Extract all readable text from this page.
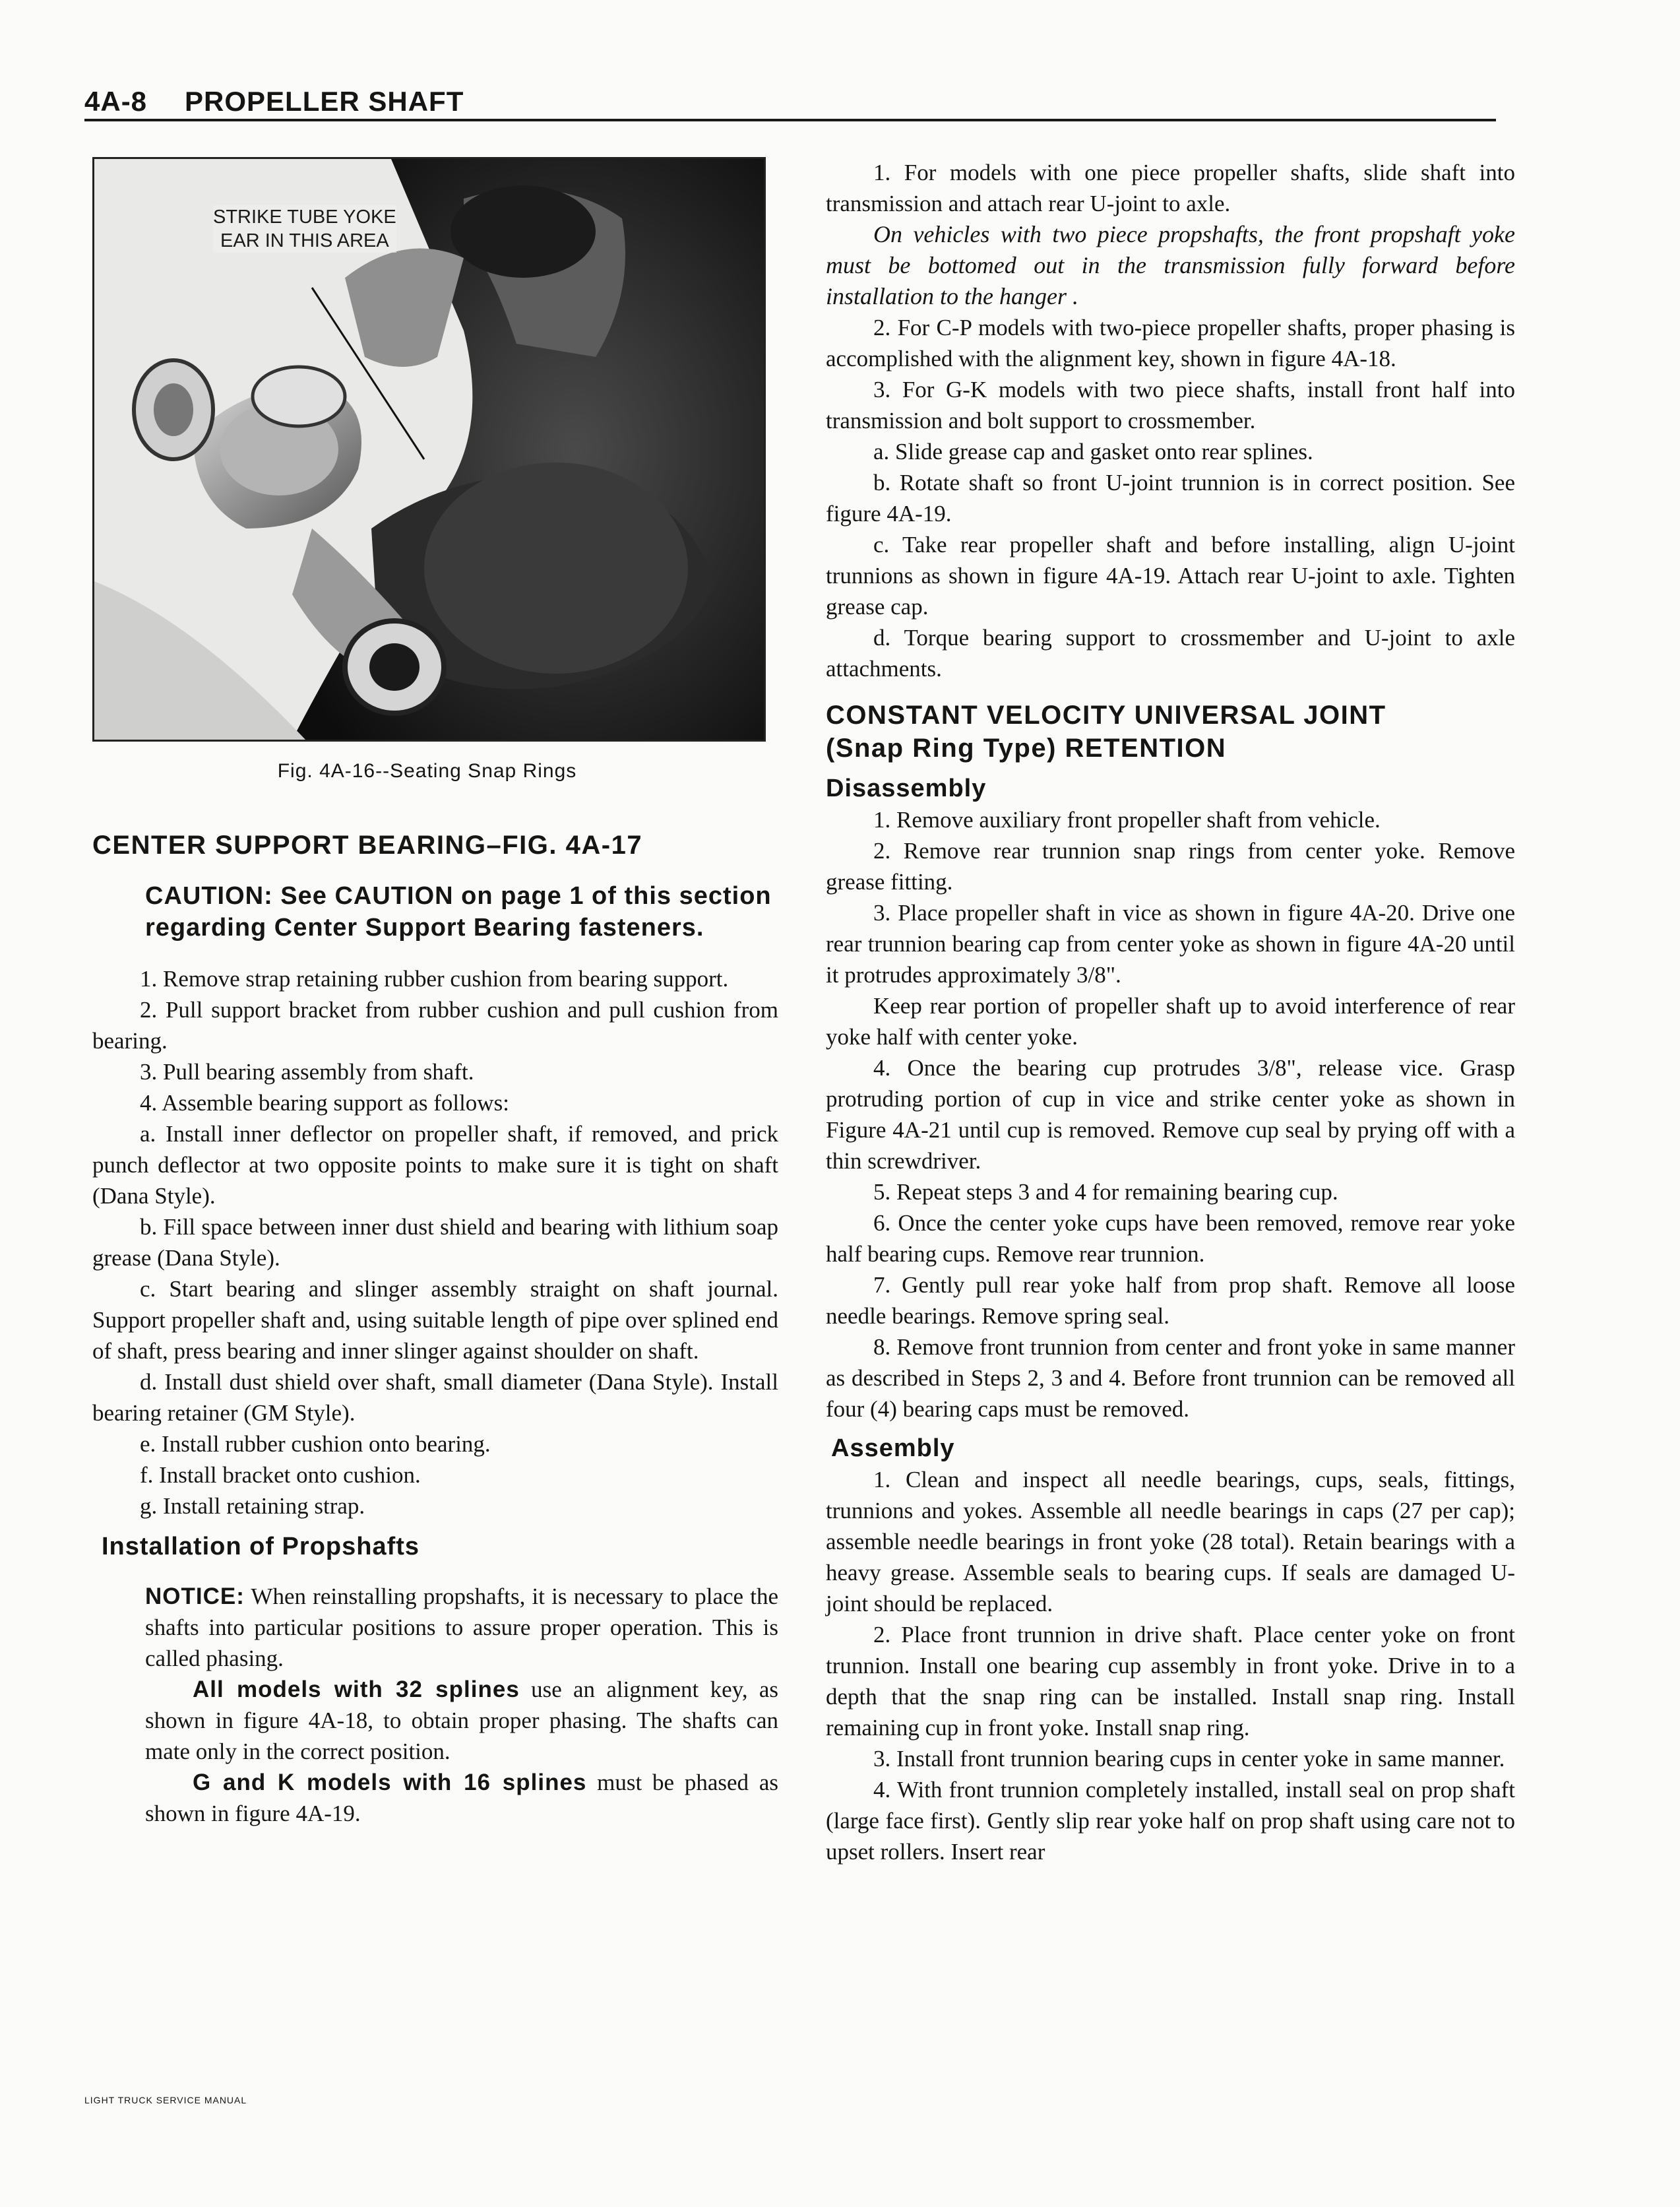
4A-8 PROPELLER SHAFT
STRIKE TUBE YOKE
EAR IN THIS AREA

Fig. 4A-16--Seating Snap Rings

CENTER SUPPORT BEARING–FIG. 4A-17
CAUTION: See CAUTION on page 1 of this section regarding Center Support Bearing fasteners.

1. Remove strap retaining rubber cushion from bearing support.

2. Pull support bracket from rubber cushion and pull cushion from bearing.

3. Pull bearing assembly from shaft.

4. Assemble bearing support as follows:

a. Install inner deflector on propeller shaft, if removed, and prick punch deflector at two opposite points to make sure it is tight on shaft (Dana Style).

b. Fill space between inner dust shield and bearing with lithium soap grease (Dana Style).

c. Start bearing and slinger assembly straight on shaft journal. Support propeller shaft and, using suitable length of pipe over splined end of shaft, press bearing and inner slinger against shoulder on shaft.

d. Install dust shield over shaft, small diameter (Dana Style). Install bearing retainer (GM Style).

e. Install rubber cushion onto bearing.

f. Install bracket onto cushion.

g. Install retaining strap.

Installation of Propshafts

NOTICE: When reinstalling propshafts, it is necessary to place the shafts into particular positions to assure proper operation. This is called phasing.

All models with 32 splines use an alignment key, as shown in figure 4A-18, to obtain proper phasing. The shafts can mate only in the correct position.

G and K models with 16 splines must be phased as shown in figure 4A-19.

1. For models with one piece propeller shafts, slide shaft into transmission and attach rear U-joint to axle.

On vehicles with two piece propshafts, the front propshaft yoke must be bottomed out in the transmission fully forward before installation to the hanger .

2. For C-P models with two-piece propeller shafts, proper phasing is accomplished with the alignment key, shown in figure 4A-18.

3. For G-K models with two piece shafts, install front half into transmission and bolt support to crossmember.

a. Slide grease cap and gasket onto rear splines.

b. Rotate shaft so front U-joint trunnion is in correct position. See figure 4A-19.

c. Take rear propeller shaft and before installing, align U-joint trunnions as shown in figure 4A-19. Attach rear U-joint to axle. Tighten grease cap.

d. Torque bearing support to crossmember and U-joint to axle attachments.

CONSTANT VELOCITY UNIVERSAL JOINT
(Snap Ring Type) RETENTION
Disassembly

1. Remove auxiliary front propeller shaft from vehicle.

2. Remove rear trunnion snap rings from center yoke. Remove grease fitting.

3. Place propeller shaft in vice as shown in figure 4A-20. Drive one rear trunnion bearing cap from center yoke as shown in figure 4A-20 until it protrudes approximately 3/8".

Keep rear portion of propeller shaft up to avoid interference of rear yoke half with center yoke.

4. Once the bearing cup protrudes 3/8", release vice. Grasp protruding portion of cup in vice and strike center yoke as shown in Figure 4A-21 until cup is removed. Remove cup seal by prying off with a thin screwdriver.

5. Repeat steps 3 and 4 for remaining bearing cup.

6. Once the center yoke cups have been removed, remove rear yoke half bearing cups. Remove rear trunnion.

7. Gently pull rear yoke half from prop shaft. Remove all loose needle bearings. Remove spring seal.

8. Remove front trunnion from center and front yoke in same manner as described in Steps 2, 3 and 4. Before front trunnion can be removed all four (4) bearing caps must be removed.

Assembly

1. Clean and inspect all needle bearings, cups, seals, fittings, trunnions and yokes. Assemble all needle bearings in caps (27 per cap); assemble needle bearings in front yoke (28 total). Retain bearings with a heavy grease. Assemble seals to bearing cups. If seals are damaged U-joint should be replaced.

2. Place front trunnion in drive shaft. Place center yoke on front trunnion. Install one bearing cup assembly in front yoke. Drive in to a depth that the snap ring can be installed. Install snap ring. Install remaining cup in front yoke. Install snap ring.

3. Install front trunnion bearing cups in center yoke in same manner.

4. With front trunnion completely installed, install seal on prop shaft (large face first). Gently slip rear yoke half on prop shaft using care not to upset rollers. Insert rear

LIGHT TRUCK SERVICE MANUAL
